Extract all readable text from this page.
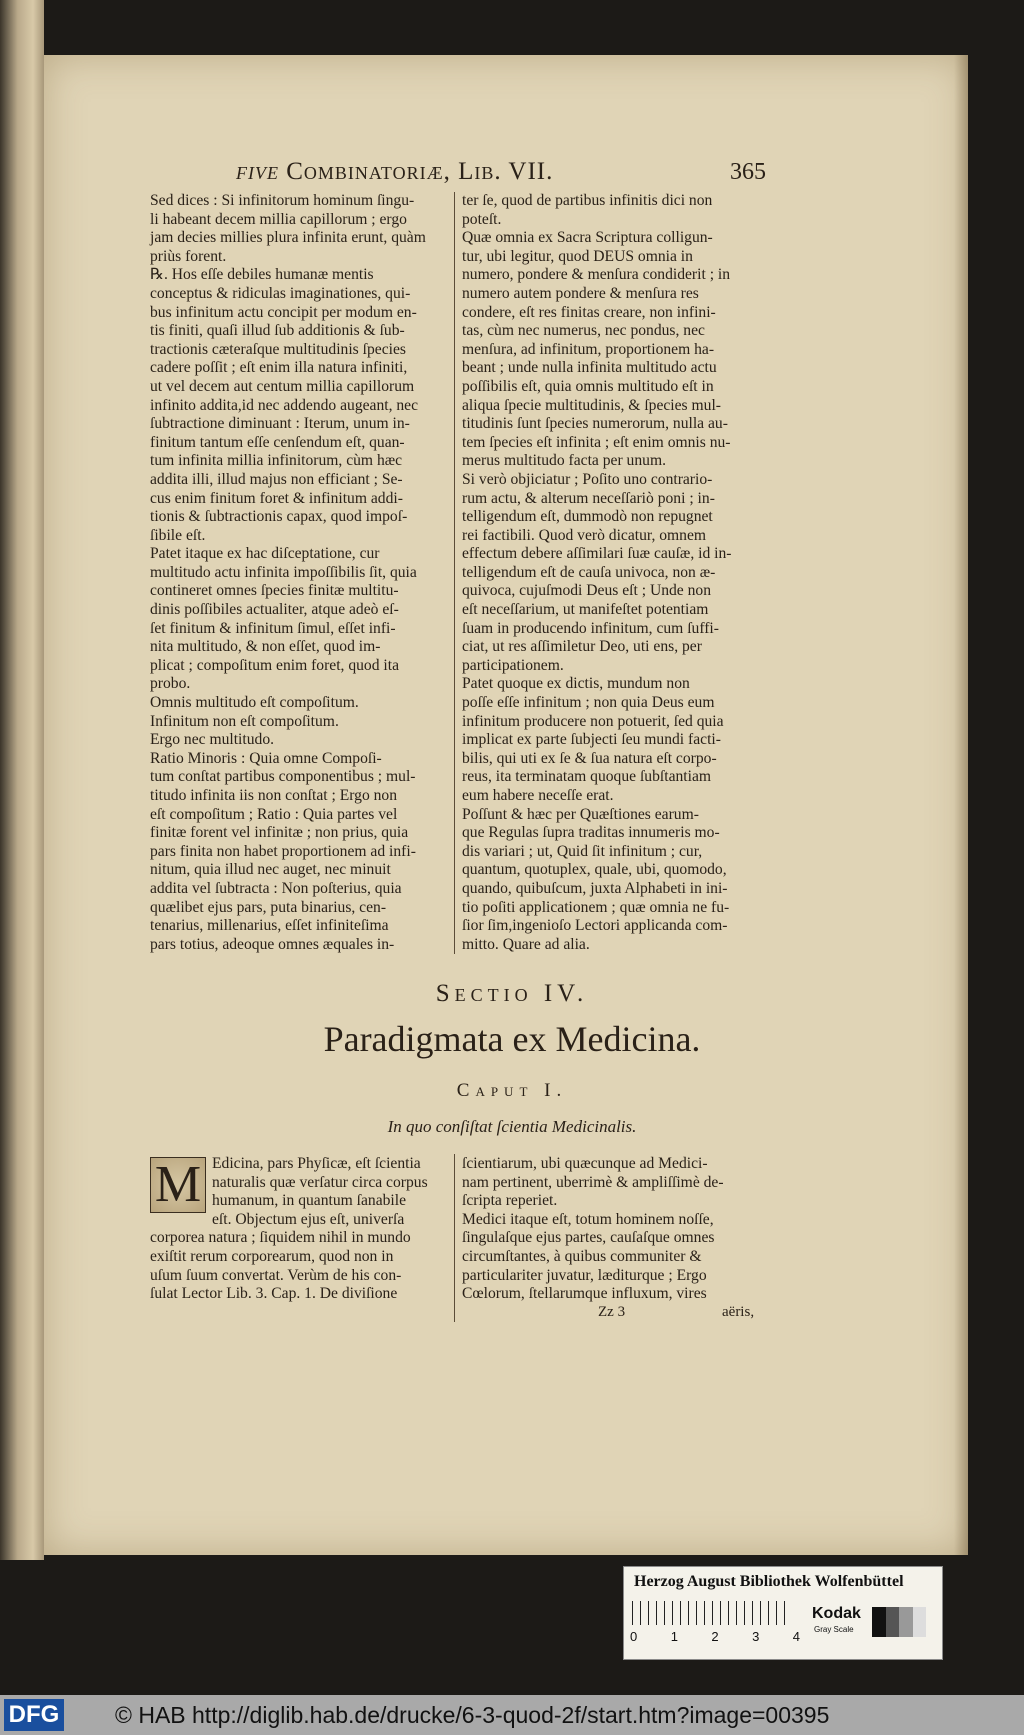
five Combinatoriæ, Lib. VII.	365
Sed dices : Si infinitorum hominum ſingu-
li habeant decem millia capillorum ; ergo
jam decies millies plura infinita erunt, quàm
priùs forent.
℞. Hos eſſe debiles humanæ mentis
conceptus & ridiculas imaginationes, qui-
bus infinitum actu concipit per modum en-
tis finiti, quaſi illud ſub additionis & ſub-
tractionis cæteraſque multitudinis ſpecies
cadere poſſit ; eſt enim illa natura infiniti,
ut vel decem aut centum millia capillorum
infinito addita,id nec addendo augeant, nec
ſubtractione diminuant : Iterum, unum in-
finitum tantum eſſe cenſendum eſt, quan-
tum infinita millia infinitorum, cùm hæc
addita illi, illud majus non efficiant ; Se-
cus enim finitum foret & infinitum addi-
tionis & ſubtractionis capax, quod impoſ-
ſibile eſt.
Patet itaque ex hac diſceptatione, cur
multitudo actu infinita impoſſibilis ſit, quia
contineret omnes ſpecies finitæ multitu-
dinis poſſibiles actualiter, atque adeò eſ-
ſet finitum & infinitum ſimul, eſſet infi-
nita multitudo, & non eſſet, quod im-
plicat ; compoſitum enim foret, quod ita
probo.
Omnis multitudo eſt compoſitum.
Infinitum non eſt compoſitum.
Ergo nec multitudo.
Ratio Minoris : Quia omne Compoſi-
tum conſtat partibus componentibus ; mul-
titudo infinita iis non conſtat ; Ergo non
eſt compoſitum ; Ratio : Quia partes vel
finitæ forent vel infinitæ ; non prius, quia
pars finita non habet proportionem ad infi-
nitum, quia illud nec auget, nec minuit
addita vel ſubtracta : Non poſterius, quia
quælibet ejus pars, puta binarius, cen-
tenarius, millenarius, eſſet infiniteſima
pars totius, adeoque omnes æquales in-
ter ſe, quod de partibus infinitis dici non
poteſt.
Quæ omnia ex Sacra Scriptura colligun-
tur, ubi legitur, quod DEUS omnia in
numero, pondere & menſura condiderit ; in
numero autem pondere & menſura res
condere, eſt res finitas creare, non infini-
tas, cùm nec numerus, nec pondus, nec
menſura, ad infinitum, proportionem ha-
beant ; unde nulla infinita multitudo actu
poſſibilis eſt, quia omnis multitudo eſt in
aliqua ſpecie multitudinis, & ſpecies mul-
titudinis ſunt ſpecies numerorum, nulla au-
tem ſpecies eſt infinita ; eſt enim omnis nu-
merus multitudo facta per unum.
Si verò objiciatur ; Poſito uno contrario-
rum actu, & alterum neceſſariò poni ; in-
telligendum eſt, dummodò non repugnet
rei factibili. Quod verò dicatur, omnem
effectum debere aſſimilari ſuæ cauſæ, id in-
telligendum eſt de cauſa univoca, non æ-
quivoca, cujuſmodi Deus eſt ; Unde non
eſt neceſſarium, ut manifeſtet potentiam
ſuam in producendo infinitum, cum ſuffi-
ciat, ut res aſſimiletur Deo, uti ens, per
participationem.
Patet quoque ex dictis, mundum non
poſſe eſſe infinitum ; non quia Deus eum
infinitum producere non potuerit, ſed quia
implicat ex parte ſubjecti ſeu mundi facti-
bilis, qui uti ex ſe & ſua natura eſt corpo-
reus, ita terminatam quoque ſubſtantiam
eum habere neceſſe erat.
Poſſunt & hæc per Quæſtiones earum-
que Regulas ſupra traditas innumeris mo-
dis variari ; ut, Quid ſit infinitum ; cur,
quantum, quotuplex, quale, ubi, quomodo,
quando, quibuſcum, juxta Alphabeti in ini-
tio poſiti applicationem ; quæ omnia ne fu-
ſior ſim,ingenioſo Lectori applicanda com-
mitto. Quare ad alia.
Sectio IV.
Paradigmata ex Medicina.
Caput I.
In quo conſiſtat ſcientia Medicinalis.
M Edicina, pars Phyſicæ, eſt ſcientia
naturalis quæ verſatur circa corpus
humanum, in quantum ſanabile
eſt. Objectum ejus eſt, univerſa
corporea natura ; ſiquidem nihil in mundo
exiſtit rerum corporearum, quod non in
uſum ſuum convertat. Verùm de his con-
ſulat Lector Lib. 3. Cap. 1. De diviſione
ſcientiarum, ubi quæcunque ad Medici-
nam pertinent, uberrimè & ampliſſimè de-
ſcripta reperiet.
Medici itaque eſt, totum hominem noſſe,
ſingulaſque ejus partes, cauſaſque omnes
circumſtantes, à quibus communiter &
particulariter juvatur, læditurque ; Ergo
Cœlorum, ſtellarumque influxum, vires
Zz 3	aëris,
Herzog August Bibliothek Wolfenbüttel
0	1	2	3	4
Kodak
Gray Scale
DFG © HAB http://diglib.hab.de/drucke/6-3-quod-2f/start.htm?image=00395
